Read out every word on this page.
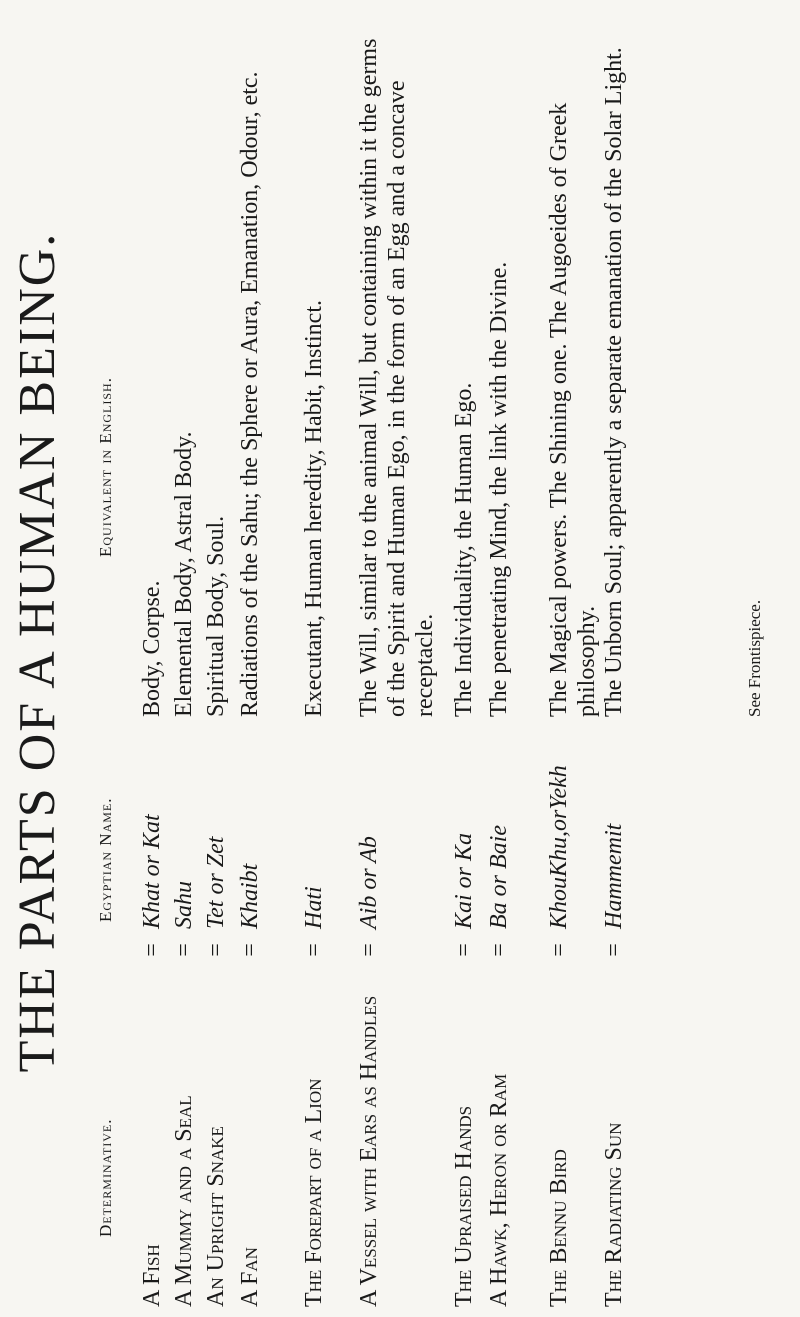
THE PARTS OF A HUMAN BEING.
Determinative.
Egyptian Name.
Equivalent in English.
A Fish
=
Khat or Kat
Body, Corpse.
A Mummy and a Seal
=
Sahu
Elemental Body, Astral Body.
An Upright Snake
=
Tet or Zet
Spiritual Body, Soul.
A Fan
=
Khaibt
Radiations of the Sahu; the Sphere or Aura, Emanation, Odour, etc.
The Forepart of a Lion
=
Hati
Executant, Human heredity, Habit, Instinct.
A Vessel with Ears as Handles
=
Aib or Ab
The Will, similar to the animal Will, but containing within it the germs of the Spirit and Human Ego, in the form of an Egg and a concave receptacle.
The Upraised Hands
=
Kai or Ka
The Individuality, the Human Ego.
A Hawk, Heron or Ram
=
Ba or Baie
The penetrating Mind, the link with the Divine.
The Bennu Bird
=
KhouKhu,orYekh
The Magical powers. The Shining one. The Augoeides of Greek philosophy.
The Radiating Sun
=
Hammemit
The Unborn Soul; apparently a separate emanation of the Solar Light.	See Frontispiece.
